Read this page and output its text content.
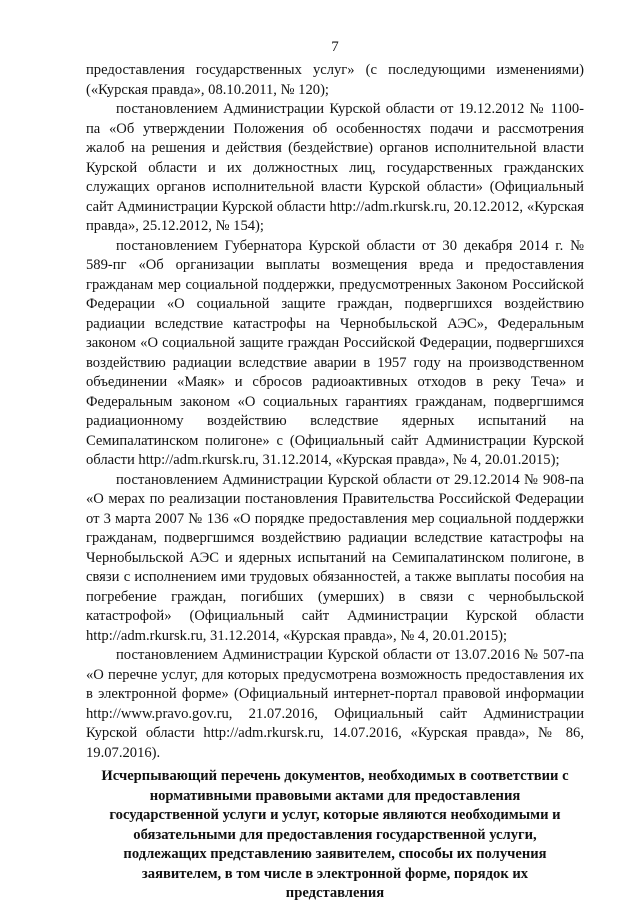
7

предоставления государственных услуг» (с последующими изменениями) («Курская правда», 08.10.2011, № 120);

постановлением Администрации Курской области от 19.12.2012 № 1100-па «Об утверждении Положения об особенностях подачи и рассмотрения жалоб на решения и действия (бездействие) органов исполнительной власти Курской области и их должностных лиц, государственных гражданских служащих органов исполнительной власти Курской области» (Официальный сайт Администрации Курской области http://adm.rkursk.ru, 20.12.2012, «Курская правда», 25.12.2012, № 154);

постановлением Губернатора Курской области от 30 декабря 2014 г. № 589-пг «Об организации выплаты возмещения вреда и предоставления гражданам мер социальной поддержки, предусмотренных Законом Российской Федерации «О социальной защите граждан, подвергшихся воздействию радиации вследствие катастрофы на Чернобыльской АЭС», Федеральным законом «О социальной защите граждан Российской Федерации, подвергшихся воздействию радиации вследствие аварии в 1957 году на производственном объединении «Маяк» и сбросов радиоактивных отходов в реку Теча» и Федеральным законом «О социальных гарантиях гражданам, подвергшимся радиационному воздействию вследствие ядерных испытаний на Семипалатинском полигоне» с (Официальный сайт Администрации Курской области http://adm.rkursk.ru, 31.12.2014, «Курская правда», № 4, 20.01.2015);

постановлением Администрации Курской области от 29.12.2014 № 908-па «О мерах по реализации постановления Правительства Российской Федерации от 3 марта 2007 № 136 «О порядке предоставления мер социальной поддержки гражданам, подвергшимся воздействию радиации вследствие катастрофы на Чернобыльской АЭС и ядерных испытаний на Семипалатинском полигоне, в связи с исполнением ими трудовых обязанностей, а также выплаты пособия на погребение граждан, погибших (умерших) в связи с чернобыльской катастрофой» (Официальный сайт Администрации Курской области http://adm.rkursk.ru, 31.12.2014, «Курская правда», № 4, 20.01.2015);

постановлением Администрации Курской области от 13.07.2016 № 507-па «О перечне услуг, для которых предусмотрена возможность предоставления их в электронной форме» (Официальный интернет-портал правовой информации http://www.pravo.gov.ru, 21.07.2016, Официальный сайт Администрации Курской области http://adm.rkursk.ru, 14.07.2016, «Курская правда», № 86, 19.07.2016).

Исчерпывающий перечень документов, необходимых в соответствии с нормативными правовыми актами для предоставления государственной услуги и услуг, которые являются необходимыми и обязательными для предоставления государственной услуги, подлежащих представлению заявителем, способы их получения заявителем, в том числе в электронной форме, порядок их представления
